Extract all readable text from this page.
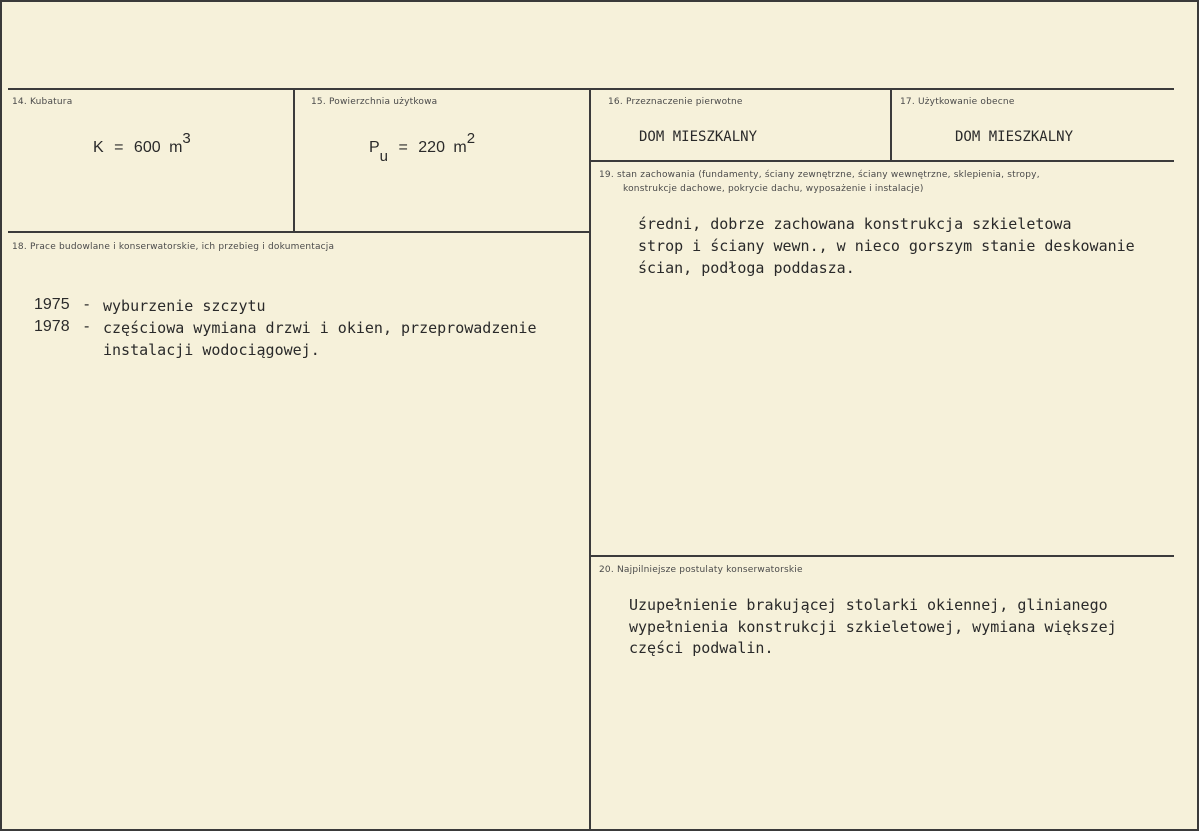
14. Kubatura
K = 600 $m^3$
15. Powierzchnia użytkowa
$P_u = 220$ $m^2$
16. Przeznaczenie pierwotne
DOM MIESZKALNY
17. Użytkowanie obecne
DOM MIESZKALNY
18. Prace budowlane i konserwatorskie, ich przebieg i dokumentacja
1975 - wyburzenie szczytu
1978 - częściowa wymiana drzwi i okien, przeprowadzenie
instalacji wodociągowej.
19. stan zachowania (fundamenty, ściany zewnętrzne, ściany wewnętrzne, sklepienia, stropy,
konstrukcje dachowe, pokrycie dachu, wyposażenie i instalacje)
średni, dobrze zachowana konstrukcja szkieletowa
strop i ściany wewn., w nieco gorszym stanie deskowanie
ścian, podłoga poddasza.
20. Najpilniejsze postulaty konserwatorskie
Uzupełnienie brakującej stolarki okiennej, glinianego
wypełnienia konstrukcji szkieletowej, wymiana większej
części podwalin.
